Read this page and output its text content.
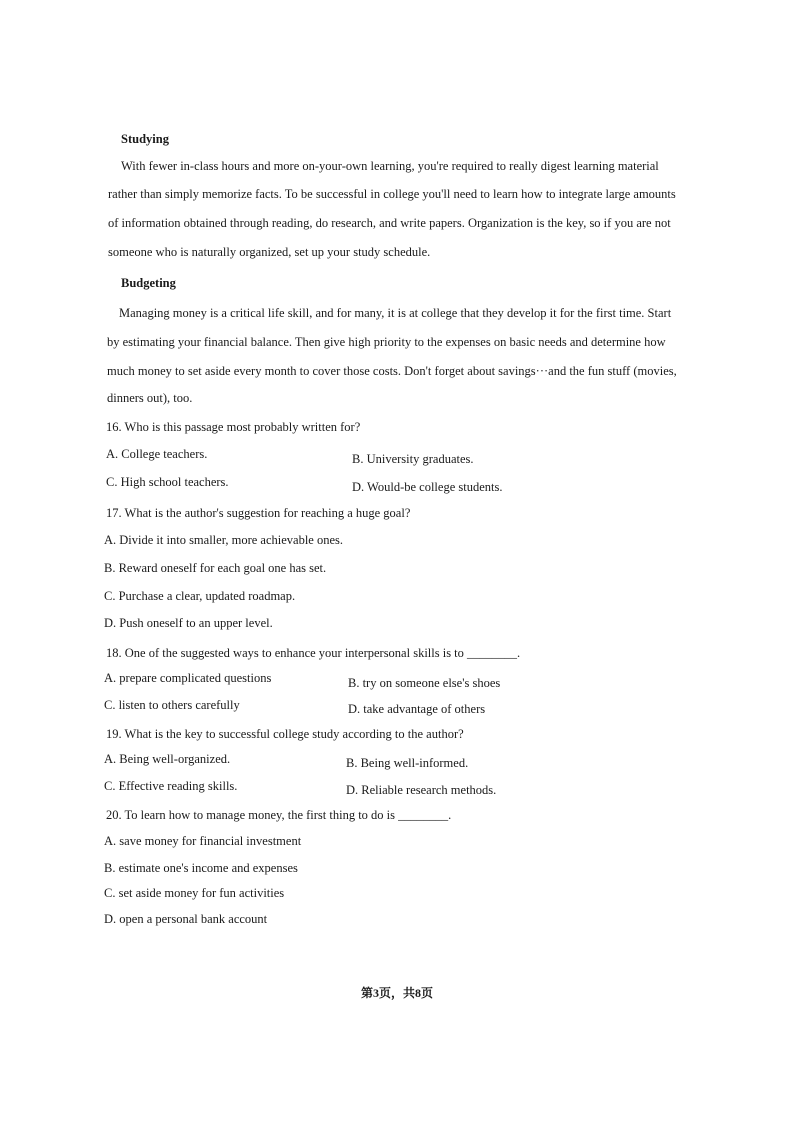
Studying
With fewer in-class hours and more on-your-own learning, you're required to really digest learning material
rather than simply memorize facts. To be successful in college you'll need to learn how to integrate large amounts
of information obtained through reading, do research, and write papers. Organization is the key, so if you are not
someone who is naturally organized, set up your study schedule.
Budgeting
Managing money is a critical life skill, and for many, it is at college that they develop it for the first time. Start
by estimating your financial balance. Then give high priority to the expenses on basic needs and determine how
much money to set aside every month to cover those costs. Don't forget about savings···and the fun stuff (movies,
dinners out), too.
16. Who is this passage most probably written for?
A. College teachers.	B. University graduates.
C. High school teachers.	D. Would-be college students.
17. What is the author's suggestion for reaching a huge goal?
A. Divide it into smaller, more achievable ones.
B. Reward oneself for each goal one has set.
C. Purchase a clear, updated roadmap.
D. Push oneself to an upper level.
18. One of the suggested ways to enhance your interpersonal skills is to ________.
A. prepare complicated questions	B. try on someone else's shoes
C. listen to others carefully	D. take advantage of others
19. What is the key to successful college study according to the author?
A. Being well-organized.	B. Being well-informed.
C. Effective reading skills.	D. Reliable research methods.
20. To learn how to manage money, the first thing to do is ________.
A. save money for financial investment
B. estimate one's income and expenses
C. set aside money for fun activities
D. open a personal bank account
第3页，共8页
